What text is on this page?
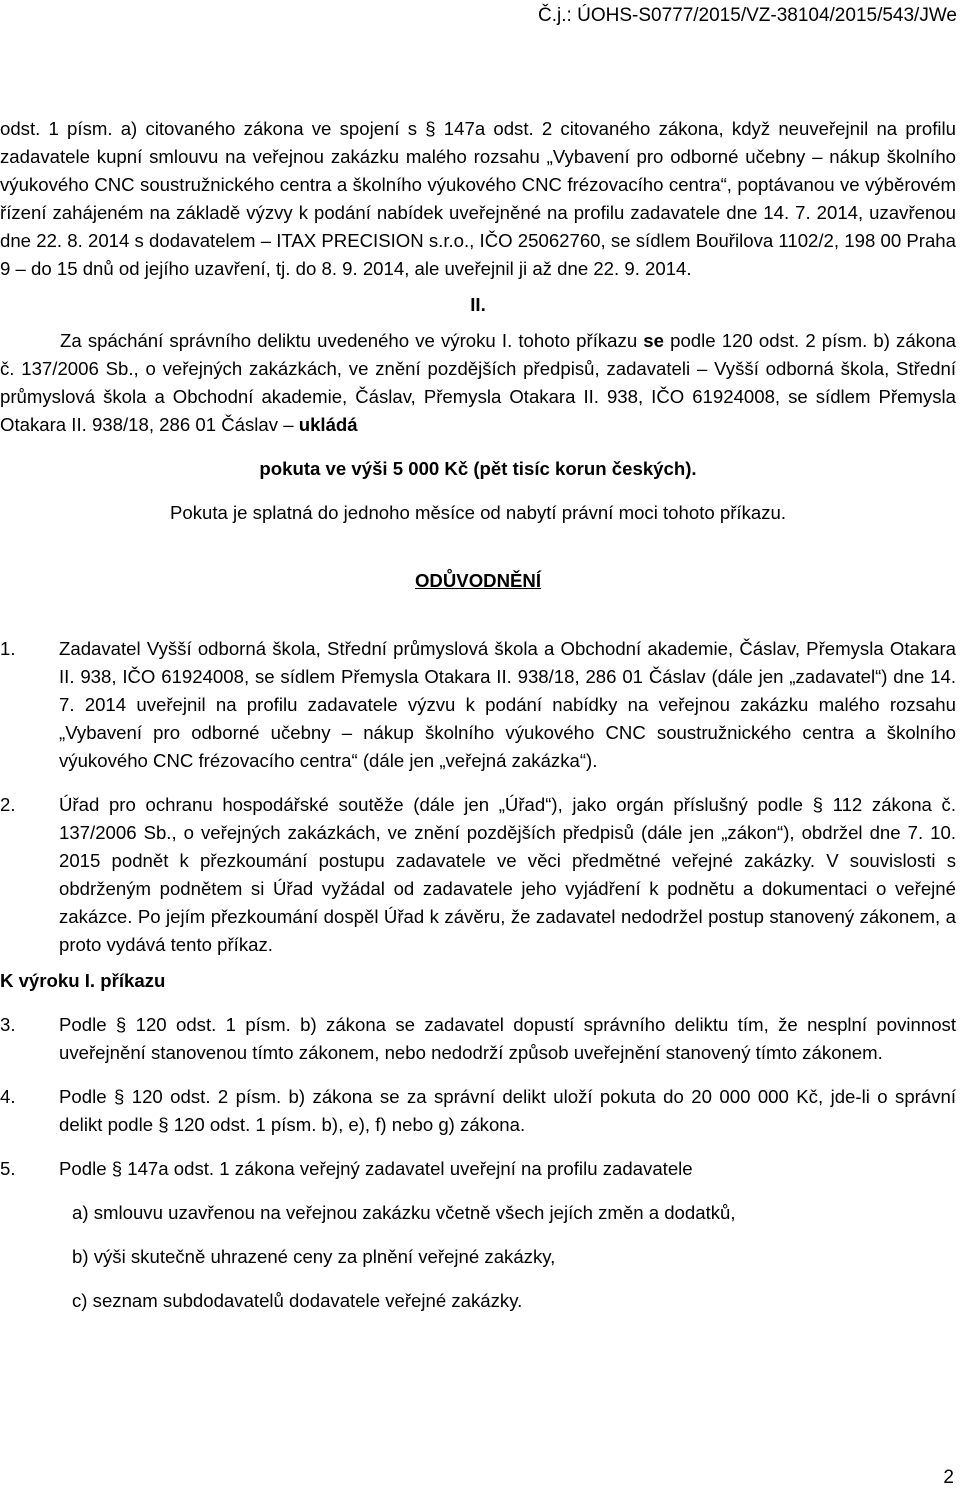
Č.j.: ÚOHS-S0777/2015/VZ-38104/2015/543/JWe

odst. 1 písm. a) citovaného zákona ve spojení s § 147a odst. 2 citovaného zákona, když neuveřejnil na profilu zadavatele kupní smlouvu na veřejnou zakázku malého rozsahu „Vybavení pro odborné učebny – nákup školního výukového CNC soustružnického centra a školního výukového CNC frézovacího centra“, poptávanou ve výběrovém řízení zahájeném na základě výzvy k podání nabídek uveřejněné na profilu zadavatele dne 14. 7. 2014, uzavřenou dne 22. 8. 2014 s dodavatelem – ITAX PRECISION s.r.o., IČO 25062760, se sídlem Bouřilova 1102/2, 198 00 Praha 9 – do 15 dnů od jejího uzavření, tj. do 8. 9. 2014, ale uveřejnil ji až dne 22. 9. 2014.

II.

Za spáchání správního deliktu uvedeného ve výroku I. tohoto příkazu se podle 120 odst. 2 písm. b) zákona č. 137/2006 Sb., o veřejných zakázkách, ve znění pozdějších předpisů, zadavateli – Vyšší odborná škola, Střední průmyslová škola a Obchodní akademie, Čáslav, Přemysla Otakara II. 938, IČO 61924008, se sídlem Přemysla Otakara II. 938/18, 286 01 Čáslav – ukládá

pokuta ve výši 5 000 Kč (pět tisíc korun českých).

Pokuta je splatná do jednoho měsíce od nabytí právní moci tohoto příkazu.

ODŮVODNĚNÍ

1. Zadavatel Vyšší odborná škola, Střední průmyslová škola a Obchodní akademie, Čáslav, Přemysla Otakara II. 938, IČO 61924008, se sídlem Přemysla Otakara II. 938/18, 286 01 Čáslav (dále jen „zadavatel“) dne 14. 7. 2014 uveřejnil na profilu zadavatele výzvu k podání nabídky na veřejnou zakázku malého rozsahu „Vybavení pro odborné učebny – nákup školního výukového CNC soustružnického centra a školního výukového CNC frézovacího centra“ (dále jen „veřejná zakázka“).

2. Úřad pro ochranu hospodářské soutěže (dále jen „Úřad“), jako orgán příslušný podle § 112 zákona č. 137/2006 Sb., o veřejných zakázkách, ve znění pozdějších předpisů (dále jen „zákon“), obdržel dne 7. 10. 2015 podnět k přezkoumání postupu zadavatele ve věci předmětné veřejné zakázky. V souvislosti s obdrženým podnětem si Úřad vyžádal od zadavatele jeho vyjádření k podnětu a dokumentaci o veřejné zakázce. Po jejím přezkoumání dospěl Úřad k závěru, že zadavatel nedodržel postup stanovený zákonem, a proto vydává tento příkaz.

K výroku I. příkazu

3. Podle § 120 odst. 1 písm. b) zákona se zadavatel dopustí správního deliktu tím, že nesplní povinnost uveřejnění stanovenou tímto zákonem, nebo nedodrží způsob uveřejnění stanovený tímto zákonem.

4. Podle § 120 odst. 2 písm. b) zákona se za správní delikt uloží pokuta do 20 000 000 Kč, jde-li o správní delikt podle § 120 odst. 1 písm. b), e), f) nebo g) zákona.

5. Podle § 147a odst. 1 zákona veřejný zadavatel uveřejní na profilu zadavatele

a) smlouvu uzavřenou na veřejnou zakázku včetně všech jejích změn a dodatků,

b) výši skutečně uhrazené ceny za plnění veřejné zakázky,

c) seznam subdodavatelů dodavatele veřejné zakázky.

2
